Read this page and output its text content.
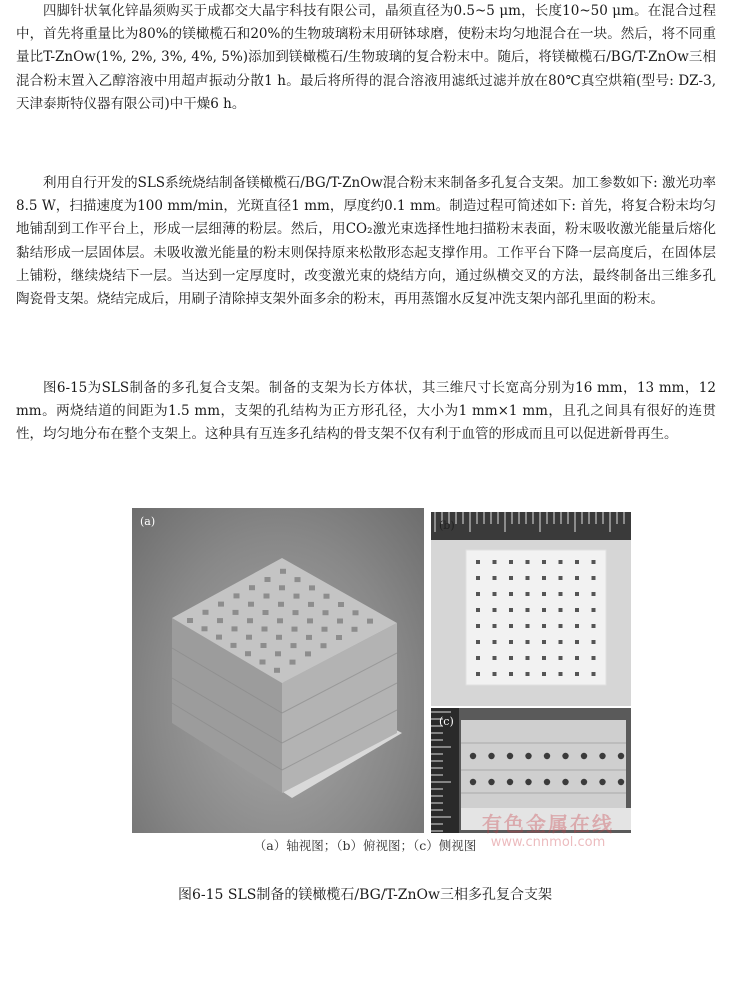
四脚针状氧化锌晶须购买于成都交大晶宇科技有限公司，晶须直径为0.5~5 μm，长度10~50 μm。在混合过程中，首先将重量比为80%的镁橄榄石和20%的生物玻璃粉末用研钵球磨，使粉末均匀地混合在一块。然后，将不同重量比T-ZnOw(1%, 2%, 3%, 4%, 5%)添加到镁橄榄石/生物玻璃的复合粉末中。随后，将镁橄榄石/BG/T-ZnOw三相混合粉末置入乙醇溶液中用超声振动分散1 h。最后将所得的混合溶液用滤纸过滤并放在80℃真空烘箱(型号: DZ-3, 天津泰斯特仪器有限公司)中干燥6 h。

利用自行开发的SLS系统烧结制备镁橄榄石/BG/T-ZnOw混合粉末来制备多孔复合支架。加工参数如下: 激光功率8.5 W，扫描速度为100 mm/min，光斑直径1 mm，厚度约0.1 mm。制造过程可简述如下: 首先，将复合粉末均匀地铺刮到工作平台上，形成一层细薄的粉层。然后，用CO₂激光束选择性地扫描粉末表面，粉末吸收激光能量后熔化黏结形成一层固体层。未吸收激光能量的粉末则保持原来松散形态起支撑作用。工作平台下降一层高度后，在固体层上铺粉，继续烧结下一层。当达到一定厚度时，改变激光束的烧结方向，通过纵横交叉的方法，最终制备出三维多孔陶瓷骨支架。烧结完成后，用刷子清除掉支架外面多余的粉末，再用蒸馏水反复冲洗支架内部孔里面的粉末。

图6-15为SLS制备的多孔复合支架。制备的支架为长方体状，其三维尺寸长宽高分别为16 mm，13 mm，12 mm。两烧结道的间距为1.5 mm，支架的孔结构为正方形孔径，大小为1 mm×1 mm，且孔之间具有很好的连贯性，均匀地分布在整个支架上。这种具有互连多孔结构的骨支架不仅有利于血管的形成而且可以促进新骨再生。

(a)	(b)
(c)
有色金属在线
www.cnnmol.com

（a）轴视图；（b）俯视图；（c）侧视图

图6-15 SLS制备的镁橄榄石/BG/T-ZnOw三相多孔复合支架
